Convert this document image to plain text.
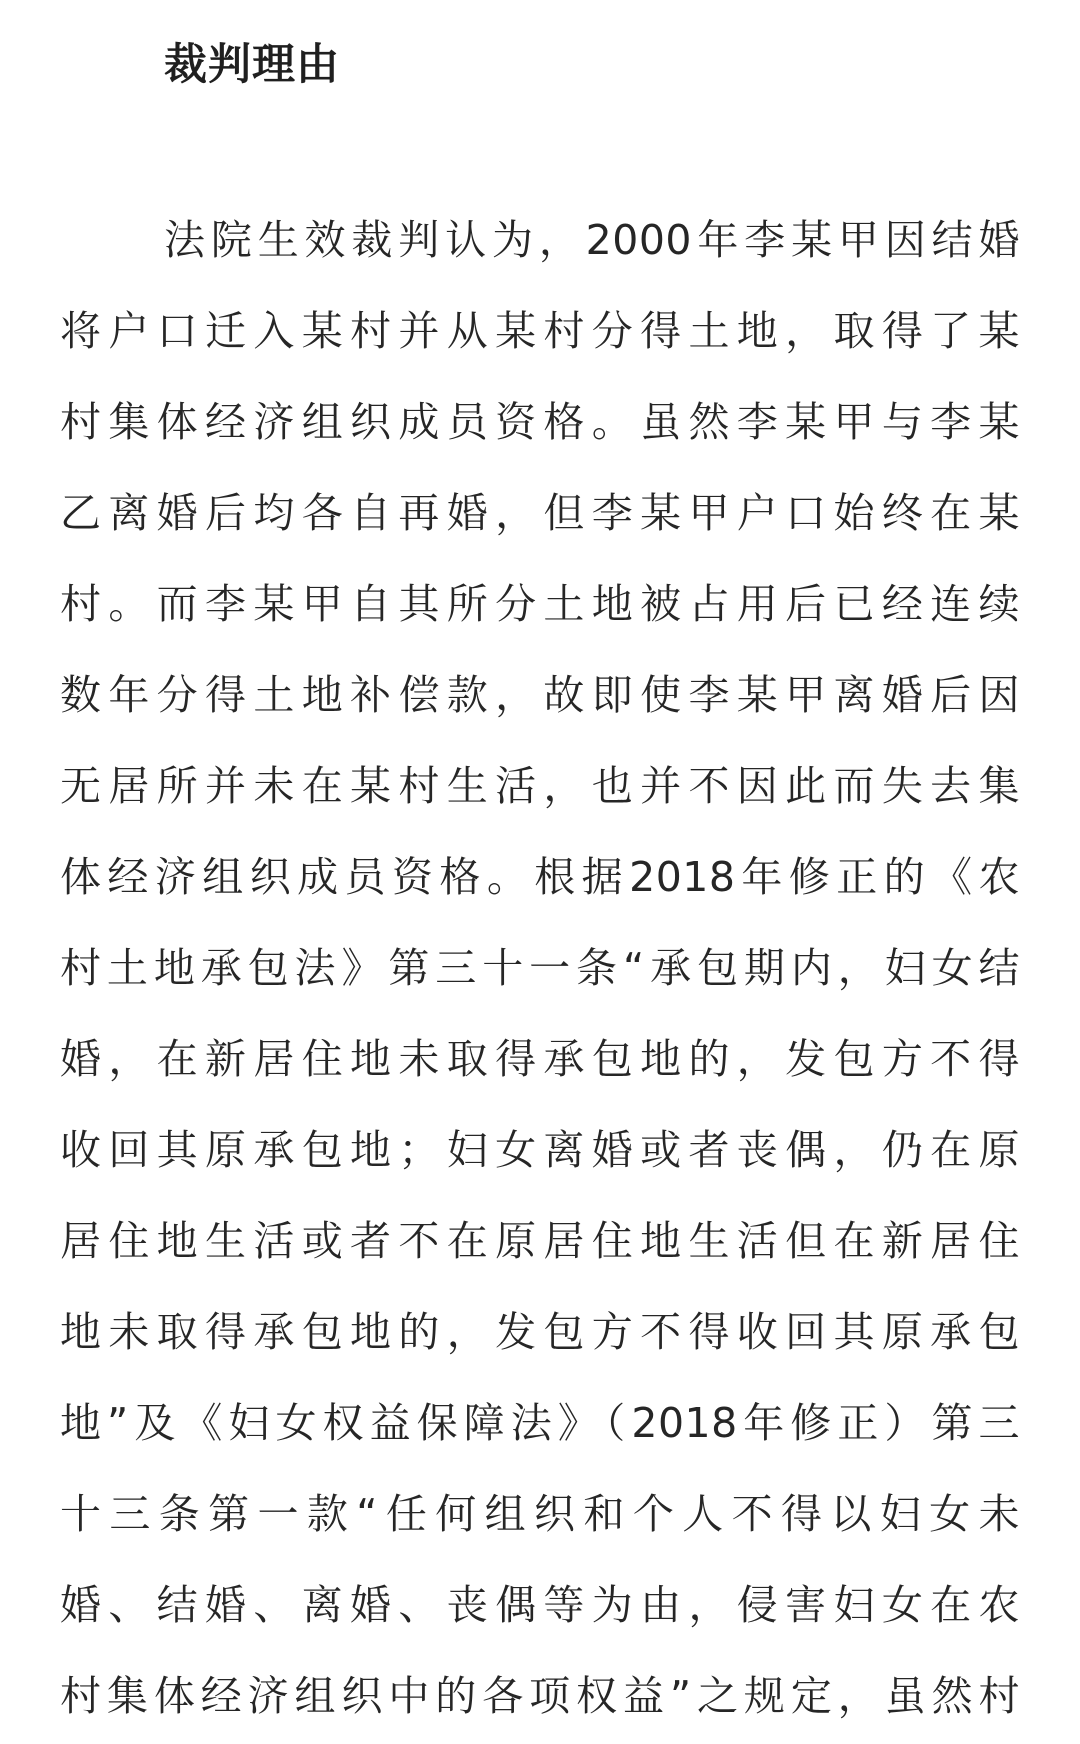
裁判理由
法院生效裁判认为，2000年李某甲因结婚
将户口迁入某村并从某村分得土地，取得了某
村集体经济组织成员资格。虽然李某甲与李某
乙离婚后均各自再婚，但李某甲户口始终在某
村。而李某甲自其所分土地被占用后已经连续
数年分得土地补偿款，故即使李某甲离婚后因
无居所并未在某村生活，也并不因此而失去集
体经济组织成员资格。根据2018年修正的《农
村土地承包法》第三十一条“承包期内，妇女结
婚，在新居住地未取得承包地的，发包方不得
收回其原承包地；妇女离婚或者丧偶，仍在原
居住地生活或者不在原居住地生活但在新居住
地未取得承包地的，发包方不得收回其原承包
地”及《妇女权益保障法》（2018年修正）第三
十三条第一款“任何组织和个人不得以妇女未
婚、结婚、离婚、丧偶等为由，侵害妇女在农
村集体经济组织中的各项权益”之规定，虽然村
